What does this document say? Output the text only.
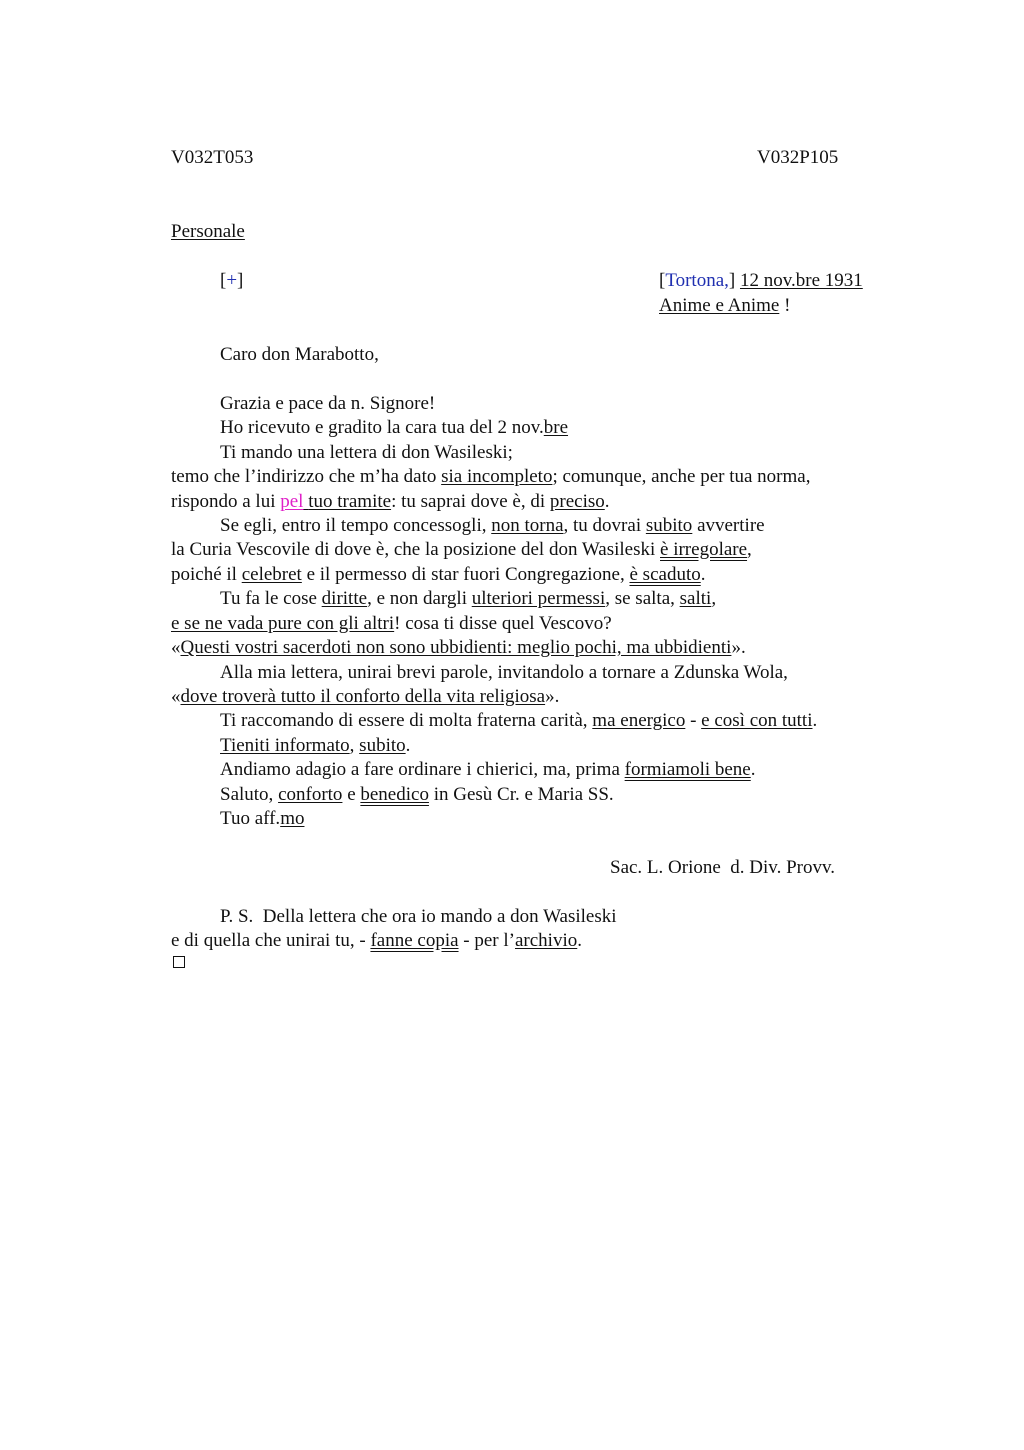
V032T053	V032P105
Personale
[+]	[Tortona,] 12 nov.bre 1931
Anime e Anime !
Caro don Marabotto,
Grazia e pace da n. Signore!
Ho ricevuto e gradito la cara tua del 2 nov.bre
Ti mando una lettera di don Wasileski;
temo che l’indirizzo che m’ha dato sia incompleto; comunque, anche per tua norma,
rispondo a lui pel tuo tramite: tu saprai dove è, di preciso.
Se egli, entro il tempo concessogli, non torna, tu dovrai subito avvertire
la Curia Vescovile di dove è, che la posizione del don Wasileski è irregolare,
poiché il celebret e il permesso di star fuori Congregazione, è scaduto.
Tu fa le cose diritte, e non dargli ulteriori permessi, se salta, salti,
e se ne vada pure con gli altri! cosa ti disse quel Vescovo?
«Questi vostri sacerdoti non sono ubbidienti: meglio pochi, ma ubbidienti».
Alla mia lettera, unirai brevi parole, invitandolo a tornare a Zdunska Wola,
«dove troverà tutto il conforto della vita religiosa».
Ti raccomando di essere di molta fraterna carità, ma energico - e così con tutti.
Tieniti informato, subito.
Andiamo adagio a fare ordinare i chierici, ma, prima formiamoli bene.
Saluto, conforto e benedico in Gesù Cr. e Maria SS.
Tuo aff.mo
Sac. L. Orione  d. Div. Provv.
P. S.  Della lettera che ora io mando a don Wasileski
e di quella che unirai tu, - fanne copia - per l’archivio.
